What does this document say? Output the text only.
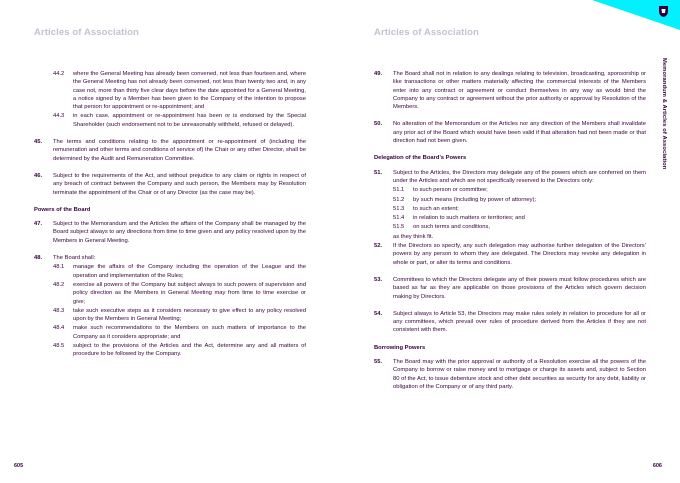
Articles of Association
44.2	where the General Meeting has already been convened, not less than fourteen and, where the General Meeting has not already been convened, not less than twenty two and, in any case not, more than thirty five clear days before the date appointed for a General Meeting, a notice signed by a Member has been given to the Company of the intention to propose that person for appointment or re-appointment; and
44.3	in each case, appointment or re-appointment has been or is endorsed by the Special Shareholder (such endorsement not to be unreasonably withheld, refused or delayed).
45.	The terms and conditions relating to the appointment or re-appointment of (including the remuneration and other terms and conditions of service of) the Chair or any other Director, shall be determined by the Audit and Remuneration Committee.
46.	Subject to the requirements of the Act, and without prejudice to any claim or rights in respect of any breach of contract between the Company and such person, the Members may by Resolution terminate the appointment of the Chair or of any Director (as the case may be).
Powers of the Board
47.	Subject to the Memorandum and the Articles the affairs of the Company shall be managed by the Board subject always to any directions from time to time given and any policy resolved upon by the Members in General Meeting.
48.	The Board shall:
48.1	manage the affairs of the Company including the operation of the League and the operation and implementation of the Rules;
48.2	exercise all powers of the Company but subject always to such powers of supervision and policy direction as the Members in General Meeting may from time to time exercise or give;
48.3	take such executive steps as it considers necessary to give effect to any policy resolved upon by the Members in General Meeting;
48.4	make such recommendations to the Members on such matters of importance to the Company as it considers appropriate; and
48.5	subject to the provisions of the Articles and the Act, determine any and all matters of procedure to be followed by the Company.
605
Articles of Association
Memorandum & Articles of Association
49.	The Board shall not in relation to any dealings relating to television, broadcasting, sponsorship or like transactions or other matters materially affecting the commercial interests of the Members enter into any contract or agreement or conduct themselves in any way as would bind the Company to any contract or agreement without the prior authority or approval by Resolution of the Members.
50.	No alteration of the Memorandum or the Articles nor any direction of the Members shall invalidate any prior act of the Board which would have been valid if that alteration had not been made or that direction had not been given.
Delegation of the Board’s Powers
51.	Subject to the Articles, the Directors may delegate any of the powers which are conferred on them under the Articles and which are not specifically reserved to the Directors only:
51.1	to such person or committee;
51.2	by such means (including by power of attorney);
51.3	to such an extent;
51.4	in relation to such matters or territories; and
51.5	on such terms and conditions,
as they think fit.
52.	If the Directors so specify, any such delegation may authorise further delegation of the Directors’ powers by any person to whom they are delegated. The Directors may revoke any delegation in whole or part, or alter its terms and conditions.
53.	Committees to which the Directors delegate any of their powers must follow procedures which are based as far as they are applicable on those provisions of the Articles which govern decision making by Directors.
54.	Subject always to Article 53, the Directors may make rules solely in relation to procedure for all or any committees, which prevail over rules of procedure derived from the Articles if they are not consistent with them.
Borrowing Powers
55.	The Board may with the prior approval or authority of a Resolution exercise all the powers of the Company to borrow or raise money and to mortgage or charge its assets and, subject to Section 80 of the Act, to issue debenture stock and other debt securities as security for any debt, liability or obligation of the Company or of any third party.
606
